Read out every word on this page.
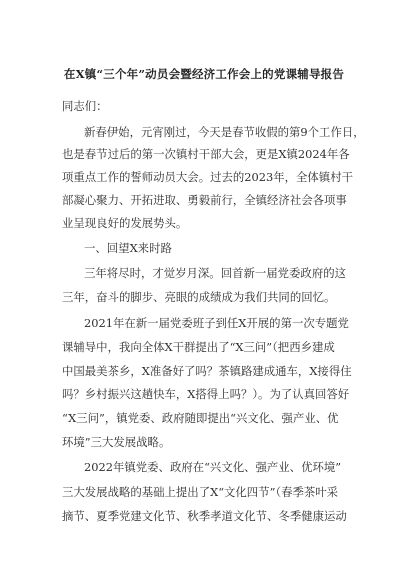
在X镇“三个年”动员会暨经济工作会上的党课辅导报告
同志们：
新春伊始，元宵刚过，今天是春节收假的第9个工作日，
也是春节过后的第一次镇村干部大会，更是X镇2024年各
项重点工作的誓师动员大会。过去的2023年，全体镇村干
部凝心聚力、开拓进取、勇毅前行，全镇经济社会各项事
业呈现良好的发展势头。
一、回望X来时路
三年将尽时，才觉岁月深。回首新一届党委政府的这
三年，奋斗的脚步、亮眼的成绩成为我们共同的回忆。
2021年在新一届党委班子到任X开展的第一次专题党
课辅导中，我向全体X干群提出了“X三问”（把西乡建成
中国最美茶乡，X准备好了吗？茶镇路建成通车，X接得住
吗？乡村振兴这趟快车，X搭得上吗？）。为了认真回答好
“X三问”，镇党委、政府随即提出“兴文化、强产业、优
环境”三大发展战略。
2022年镇党委、政府在“兴文化、强产业、优环境”
三大发展战略的基础上提出了X“文化四节”（春季茶叶采
摘节、夏季党建文化节、秋季孝道文化节、冬季健康运动
